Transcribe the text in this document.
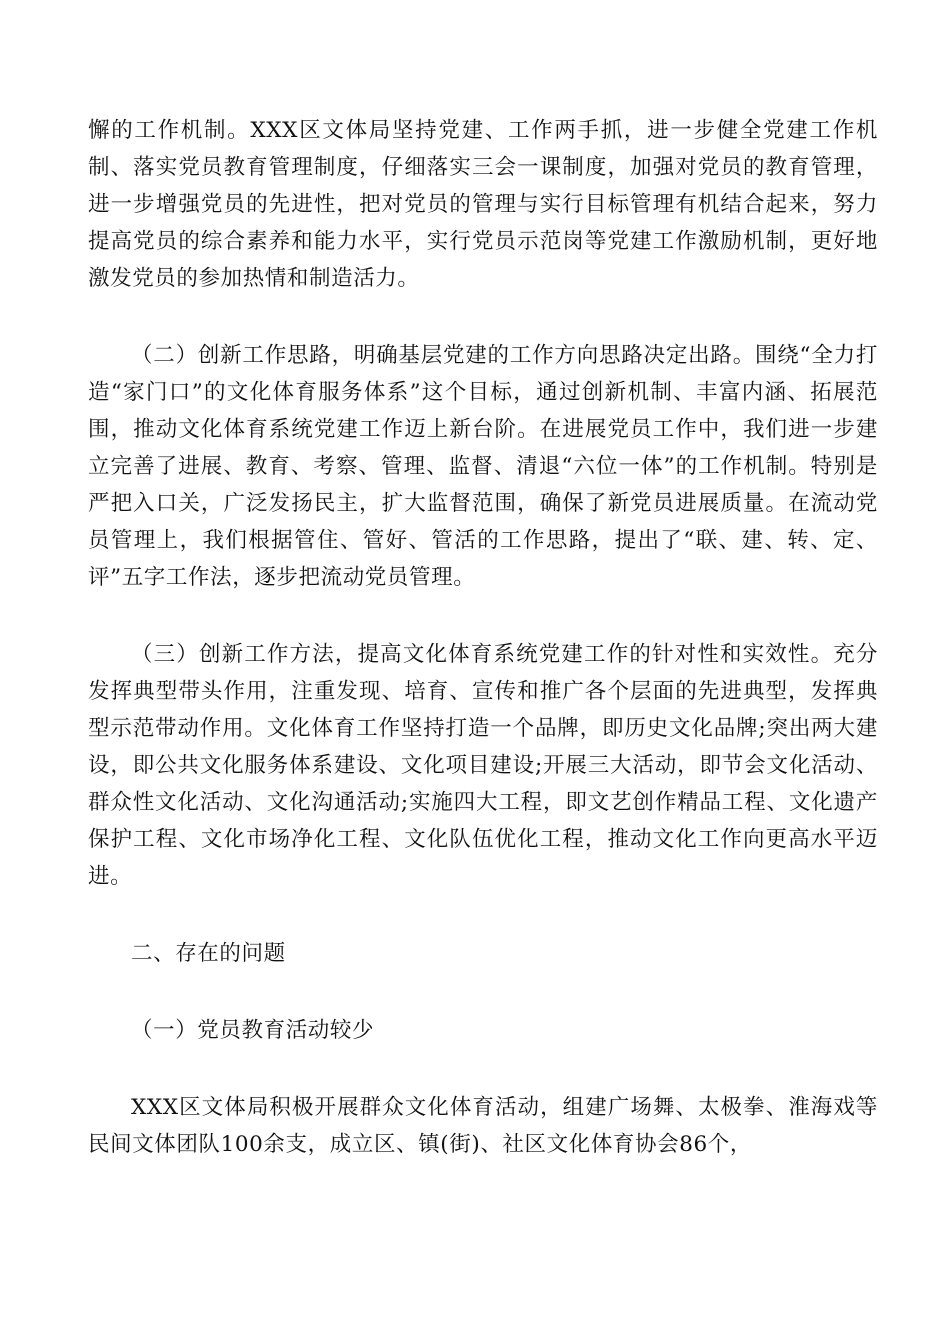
懈的工作机制。XXX区文体局坚持党建、工作两手抓，进一步健全党建工作机制、落实党员教育管理制度，仔细落实三会一课制度，加强对党员的教育管理，进一步增强党员的先进性，把对党员的管理与实行目标管理有机结合起来，努力提高党员的综合素养和能力水平，实行党员示范岗等党建工作激励机制，更好地激发党员的参加热情和制造活力。

（二）创新工作思路，明确基层党建的工作方向思路决定出路。围绕“全力打造“家门口”的文化体育服务体系”这个目标，通过创新机制、丰富内涵、拓展范围，推动文化体育系统党建工作迈上新台阶。在进展党员工作中，我们进一步建立完善了进展、教育、考察、管理、监督、清退“六位一体”的工作机制。特别是严把入口关，广泛发扬民主，扩大监督范围，确保了新党员进展质量。在流动党员管理上，我们根据管住、管好、管活的工作思路，提出了“联、建、转、定、评”五字工作法，逐步把流动党员管理。

（三）创新工作方法，提高文化体育系统党建工作的针对性和实效性。充分发挥典型带头作用，注重发现、培育、宣传和推广各个层面的先进典型，发挥典型示范带动作用。文化体育工作坚持打造一个品牌，即历史文化品牌;突出两大建设，即公共文化服务体系建设、文化项目建设;开展三大活动，即节会文化活动、群众性文化活动、文化沟通活动;实施四大工程，即文艺创作精品工程、文化遗产保护工程、文化市场净化工程、文化队伍优化工程，推动文化工作向更高水平迈进。

二、存在的问题

（一）党员教育活动较少

XXX区文体局积极开展群众文化体育活动，组建广场舞、太极拳、淮海戏等民间文体团队100余支，成立区、镇(街)、社区文化体育协会86个，
